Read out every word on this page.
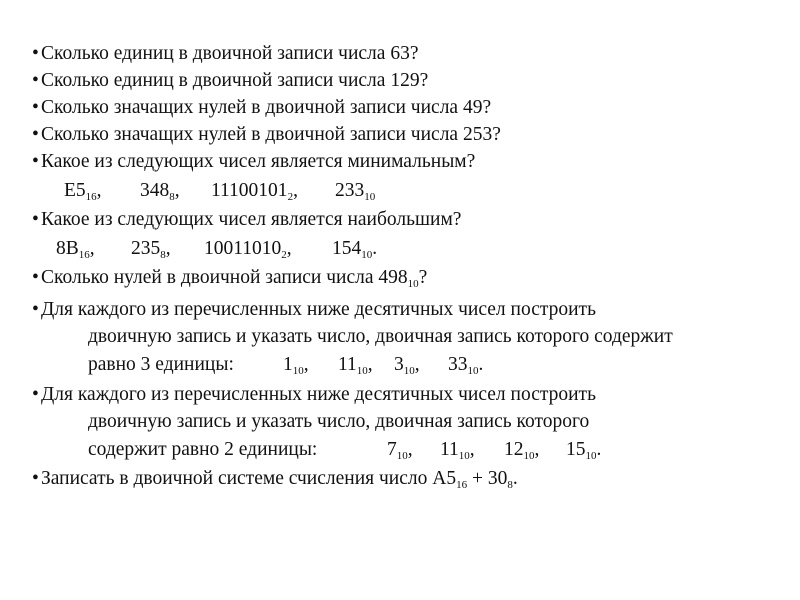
• Сколько единиц в двоичной записи числа 63?
• Сколько единиц в двоичной записи числа 129?
• Сколько значащих нулей в двоичной записи числа 49?
• Сколько значащих нулей в двоичной записи числа 253?
• Какое из следующих чисел является минимальным?
$E5_{16}$, $348_8$, $11100101_2$, $233_{10}$
• Какое из следующих чисел является наибольшим?
$8B_{16}$, $235_8$, $10011010_2$, $154_{10}$.
• Сколько нулей в двоичной записи числа $498_{10}$?
• Для каждого из перечисленных ниже десятичных чисел построить
двоичную запись и указать число, двоичная запись которого содержит
равно 3 единицы:	$1_{10}$, $11_{10}$, $3_{10}$, $33_{10}$.
• Для каждого из перечисленных ниже десятичных чисел построить
двоичную запись и указать число, двоичная запись которого
содержит равно 2 единицы:	$7_{10}$, $11_{10}$, $12_{10}$, $15_{10}$.
• Записать в двоичной системе счисления число $A5_{16} + 30_8$.
